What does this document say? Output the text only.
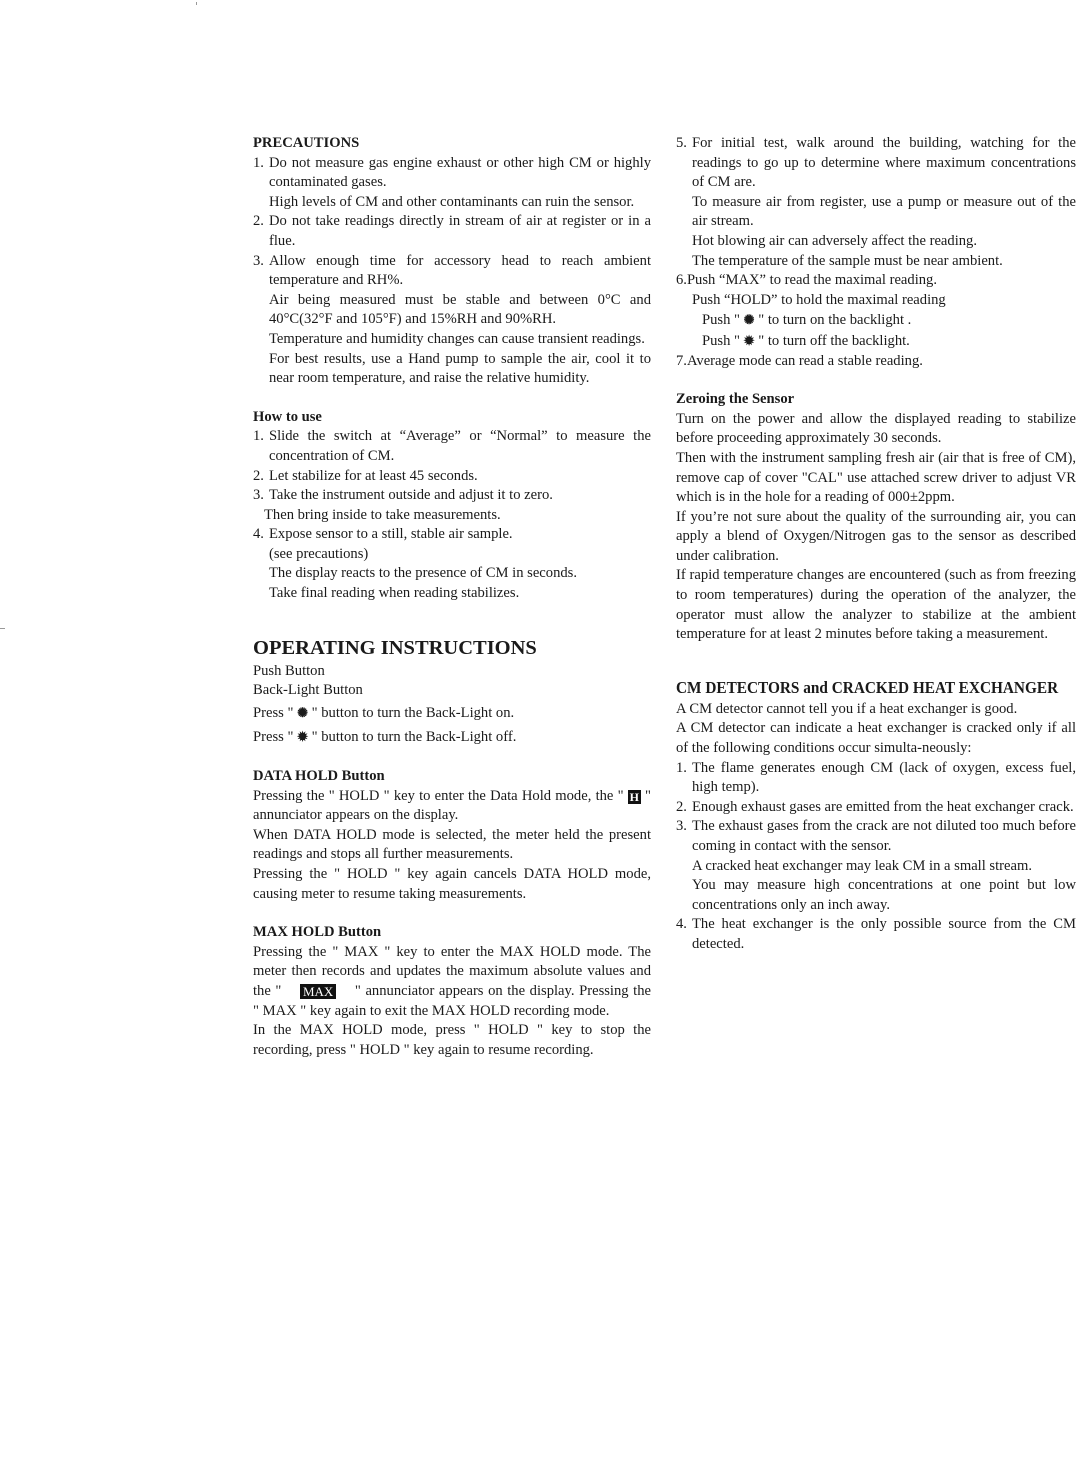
PRECAUTIONS

1. Do not measure gas engine exhaust or other high CM or highly contaminated gases.

High levels of CM and other contaminants can ruin the sensor.

2. Do not take readings directly in stream of air at register or in a flue.

3. Allow enough time for accessory head to reach ambient temperature and RH%.

Air being measured must be stable and between 0°C and 40°C(32°F and 105°F) and 15%RH and 90%RH.

Temperature and humidity changes can cause transient readings.

For best results, use a Hand pump to sample the air, cool it to near room temperature, and raise the relative humidity.

How to use

1. Slide the switch at “Average” or “Normal” to measure the concentration of CM.

2. Let stabilize for at least 45 seconds.

3. Take the instrument outside and adjust it to zero.

Then bring inside to take measurements.

4. Expose sensor to a still, stable air sample.

(see precautions)

The display reacts to the presence of CM in seconds.

Take final reading when reading stabilizes.

OPERATING INSTRUCTIONS

Push Button

Back-Light Button

Press " ✺ " button to turn the Back-Light on.

Press " ✹ " button to turn the Back-Light off.

DATA HOLD Button

Pressing the " HOLD " key to enter the Data Hold mode, the " H " annunciator appears on the display.

When DATA HOLD mode is selected, the meter held the present readings and stops all further measurements.

Pressing the " HOLD " key again cancels DATA HOLD mode, causing meter to resume taking measurements.

MAX HOLD Button

Pressing the " MAX " key to enter the MAX HOLD mode. The meter then records and updates the maximum absolute values and the " MAX " annunciator appears on the display. Pressing the " MAX " key again to exit the MAX HOLD recording mode.

In the MAX HOLD mode, press " HOLD " key to stop the recording, press " HOLD " key again to resume recording.

5. For initial test, walk around the building, watching for the readings to go up to determine where maximum concentrations of CM are.

To measure air from register, use a pump or measure out of the air stream.

Hot blowing air can adversely affect the reading.

The temperature of the sample must be near ambient.

6.Push “MAX” to read the maximal reading.

Push “HOLD” to hold the maximal reading

Push " ✺ " to turn on the backlight .

Push " ✹ " to turn off the backlight.

7.Average mode can read a stable reading.

Zeroing the Sensor

Turn on the power and allow the displayed reading to stabilize before proceeding approximately 30 seconds.

Then with the instrument sampling fresh air (air that is free of CM), remove cap of cover "CAL" use attached screw driver to adjust VR which is in the hole for a reading of 000±2ppm.

If you’re not sure about the quality of the surrounding air, you can apply a blend of Oxygen/Nitrogen gas to the sensor as described under calibration.

If rapid temperature changes are encountered (such as from freezing to room temperatures) during the operation of the analyzer, the operator must allow the analyzer to stabilize at the ambient temperature for at least 2 minutes before taking a measurement.

CM DETECTORS and CRACKED HEAT EXCHANGER

A CM detector cannot tell you if a heat exchanger is good.

A CM detector can indicate a heat exchanger is cracked only if all of the following conditions occur simulta-neously:

1. The flame generates enough CM (lack of oxygen, excess fuel, high temp).

2. Enough exhaust gases are emitted from the heat exchanger crack.

3. The exhaust gases from the crack are not diluted too much before coming in contact with the sensor.

A cracked heat exchanger may leak CM in a small stream.

You may measure high concentrations at one point but low concentrations only an inch away.

4. The heat exchanger is the only possible source from the CM detected.
